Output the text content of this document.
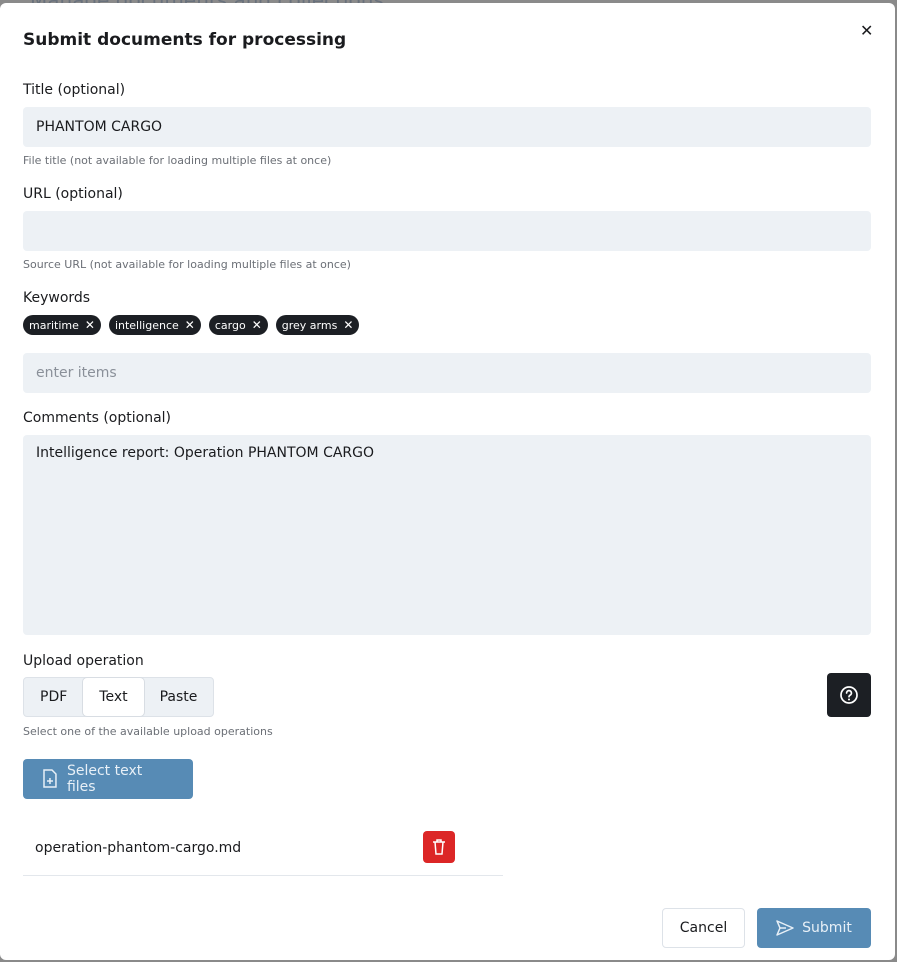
Submit documents for processing	✕
Title (optional)
PHANTOM CARGO
File title (not available for loading multiple files at once)
URL (optional)
Source URL (not available for loading multiple files at once)
Keywords
maritime ✕ intelligence ✕ cargo ✕ grey arms ✕
enter items
Comments (optional)
Intelligence report: Operation PHANTOM CARGO
Upload operation
PDF	Text	Paste
Select one of the available upload operations
Select text files
operation-phantom-cargo.md
Cancel	Submit
